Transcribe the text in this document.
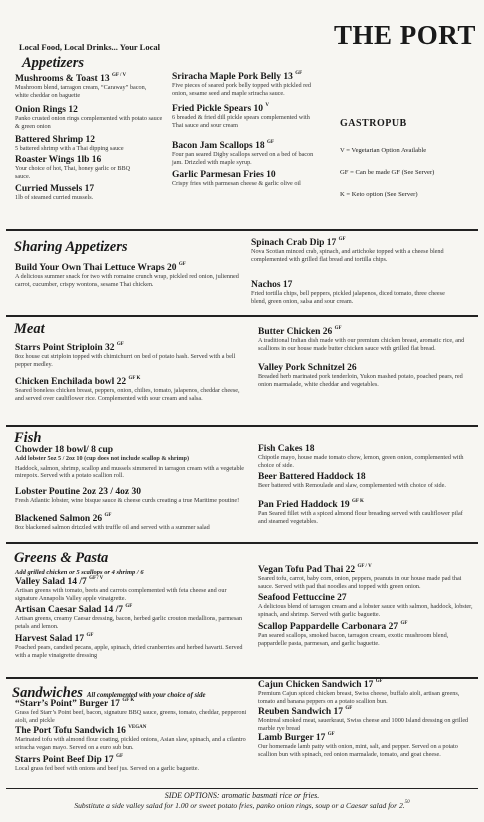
Local Food, Local Drinks... Your Local	THE PORT
GASTROPUB
V = Vegetarian Option Available
GF = Can be made GF (See Server)
K = Keto option (See Server)
Appetizers
Mushrooms & Toast 13 $^{GF / V}$
Mushroom blend, tarragon cream, “Caraway” bacon, white cheddar on baguette
Onion Rings 12
Panko crusted onion rings complemented with potato sauce & green onion
Battered Shrimp 12
5 battered shrimp with a Thai dipping sauce
Roaster Wings 1lb 16
Your choice of hot, Thai, honey garlic or BBQ sauce.
Curried Mussels 17
1lb of steamed curried mussels.
Sriracha Maple Pork Belly 13 $^{GF}$
Five pieces of seared pork belly topped with pickled red onion, sesame seed and maple sriracha sauce.
Fried Pickle Spears 10 $^V$
6 breaded & fried dill pickle spears complemented with Thai sauce and sour cream
Bacon Jam Scallops 18 $^{GF}$
Four pan seared Digby scallops served on a bed of bacon jam. Drizzled with maple syrup.
Garlic Parmesan Fries 10
Crispy fries with parmesan cheese & garlic olive oil
Sharing Appetizers
Build Your Own Thai Lettuce Wraps 20 $^{GF}$
A delicious summer snack for two with romaine crunch wrap, pickled red onion, julienned carrot, cucumber, crispy wontons, sesame Thai chicken.
Spinach Crab Dip 17 $^{GF}$
Nova Scotian minced crab, spinach, and artichoke topped with a cheese blend complemented with grilled flat bread and tortilla chips.
Nachos 17
Fried tortilla chips, bell peppers, pickled jalapenos, diced tomato, three cheese blend, green onion, salsa and sour cream.
Meat
Starrs Point Striploin 32 $^{GF}$
8oz house cut striploin topped with chimichurri on bed of potato hash. Served with a bell pepper medley.
Chicken Enchilada bowl 22 $^{GF K}$
Seared boneless chicken breast, peppers, onion, chilies, tomato, jalapenos, cheddar cheese, and served over cauliflower rice. Complemented with sour cream and salsa.
Butter Chicken 26 $^{GF}$
A traditional Indian dish made with our premium chicken breast, aromatic rice, and scallions in our house made butter chicken sauce with grilled flat bread.
Valley Pork Schnitzel 26
Breaded herb marinated pork tenderloin, Yukon mashed potato, poached pears, red onion marmalade, white cheddar and vegetables.
Fish
Chowder 18 bowl/ 8 cup
Add lobster 5oz 5 / 2oz 10 (cup does not include scallop & shrimp)
Haddock, salmon, shrimp, scallop and mussels simmered in tarragon cream with a vegetable mirepoix. Served with a potato scallion roll.
Lobster Poutine 2oz 23 / 4oz 30
Fresh Atlantic lobster, wine bisque sauce & cheese curds creating a true Maritime poutine!
Blackened Salmon 26 $^{GF}$
8oz blackened salmon drizzled with truffle oil and served with a summer salad
Fish Cakes 18
Chipotle mayo, house made tomato chow, lemon, green onion, complemented with choice of side.
Beer Battered Haddock 18
Beer battered with Remoulade and slaw, complemented with choice of side.
Pan Fried Haddock 19 $^{GF K}$
Pan Seared fillet with a spiced almond flour breading served with cauliflower pilaf and steamed vegetables.
Greens & Pasta
Add grilled chicken or 5 scallops or 4 shrimp / 6
Valley Salad 14 /7 $^{GF / V}$
Artisan greens with tomato, beets and carrots complemented with feta cheese and our signature Annapolis Valley apple vinaigrette.
Artisan Caesar Salad 14 /7 $^{GF}$
Artisan greens, creamy Caesar dressing, bacon, herbed garlic crouton medallions, parmesan petals and lemon.
Harvest Salad 17 $^{GF}$
Poached pears, candied pecans, apple, spinach, dried cranberries and herbed havarti. Served with a maple vinaigrette dressing
Vegan Tofu Pad Thai 22 $^{GF / V}$
Seared tofu, carrot, baby corn, onion, peppers, peanuts in our house made pad thai sauce. Served with pad thai noodles and topped with green onion.
Seafood Fettuccine 27
A delicious blend of tarragon cream and a lobster sauce with salmon, haddock, lobster, spinach, and shrimp. Served with garlic baguette.
Scallop Pappardelle Carbonara 27 $^{GF}$
Pan seared scallops, smoked bacon, tarragon cream, exotic mushroom blend, pappardelle pasta, parmesan, and garlic baguette.
Sandwiches All complemented with your choice of side
“Starr’s Point” Burger 17 $^{GF K}$
Grass fed Starr’s Point beef, bacon, signature BBQ sauce, greens, tomato, cheddar, pepperoni aioli, and pickle
The Port Tofu Sandwich 16 $^{VEGAN}$
Marinated tofu with almond flour coating, pickled onions, Asian slaw, spinach, and a cilantro sriracha vegan mayo. Served on a euro sub bun.
Starrs Point Beef Dip 17 $^{GF}$
Local grass fed beef with onions and beef jus. Served on a garlic baguette.
Cajun Chicken Sandwich 17 $^{GF}$
Premium Cajun spiced chicken breast, Swiss cheese, buffalo aioli, artisan greens, tomato and banana peppers on a potato scallion bun.
Reuben Sandwich 17 $^{GF}$
Montreal smoked meat, sauerkraut, Swiss cheese and 1000 Island dressing on grilled marble rye bread
Lamb Burger 17 $^{GF}$
Our homemade lamb patty with onion, mint, salt, and pepper. Served on a potato scallion bun with spinach, red onion marmalade, tomato, and goat cheese.
SIDE OPTIONS: aromatic basmati rice or fries.
Substitute a side valley salad for 1.00 or sweet potato fries, panko onion rings, soup or a Caesar salad for 2.50
